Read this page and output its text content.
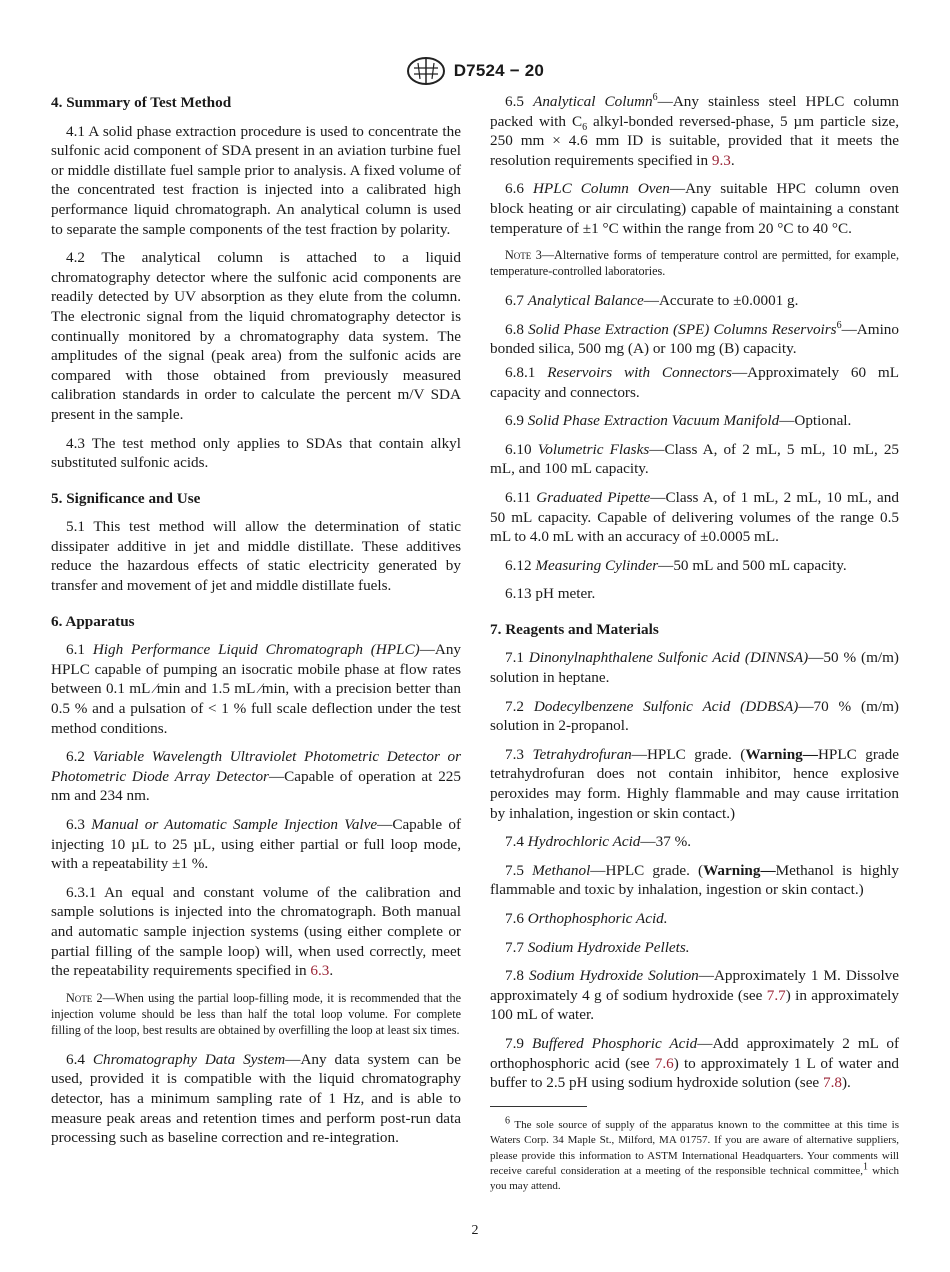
D7524 − 20
4. Summary of Test Method

4.1 A solid phase extraction procedure is used to concentrate the sulfonic acid component of SDA present in an aviation turbine fuel or middle distillate fuel sample prior to analysis. A fixed volume of the concentrated test fraction is injected into a calibrated high performance liquid chromatograph. An analytical column is used to separate the sample components of the test fraction by polarity.

4.2 The analytical column is attached to a liquid chromatography detector where the sulfonic acid components are readily detected by UV absorption as they elute from the column. The electronic signal from the liquid chromatography detector is continually monitored by a chromatography data system. The amplitudes of the signal (peak area) from the sulfonic acids are compared with those obtained from previously measured calibration standards in order to calculate the percent m/V SDA present in the sample.

4.3 The test method only applies to SDAs that contain alkyl substituted sulfonic acids.

5. Significance and Use

5.1 This test method will allow the determination of static dissipater additive in jet and middle distillate. These additives reduce the hazardous effects of static electricity generated by transfer and movement of jet and middle distillate fuels.

6. Apparatus

6.1 High Performance Liquid Chromatograph (HPLC)—Any HPLC capable of pumping an isocratic mobile phase at flow rates between 0.1 mL ⁄min and 1.5 mL ⁄min, with a precision better than 0.5 % and a pulsation of < 1 % full scale deflection under the test method conditions.

6.2 Variable Wavelength Ultraviolet Photometric Detector or Photometric Diode Array Detector—Capable of operation at 225 nm and 234 nm.

6.3 Manual or Automatic Sample Injection Valve—Capable of injecting 10 µL to 25 µL, using either partial or full loop mode, with a repeatability ±1 %.

6.3.1 An equal and constant volume of the calibration and sample solutions is injected into the chromatograph. Both manual and automatic sample injection systems (using either complete or partial filling of the sample loop) will, when used correctly, meet the repeatability requirements specified in 6.3.

Note 2—When using the partial loop-filling mode, it is recommended that the injection volume should be less than half the total loop volume. For complete filling of the loop, best results are obtained by overfilling the loop at least six times.

6.4 Chromatography Data System—Any data system can be used, provided it is compatible with the liquid chromatography detector, has a minimum sampling rate of 1 Hz, and is able to measure peak areas and retention times and perform post-run data processing such as baseline correction and re-integration.

6.5 Analytical Column$^6$—Any stainless steel HPLC column packed with $C_6$ alkyl-bonded reversed-phase, 5 µm particle size, 250 mm × 4.6 mm ID is suitable, provided that it meets the resolution requirements specified in 9.3.

6.6 HPLC Column Oven—Any suitable HPC column oven block heating or air circulating) capable of maintaining a constant temperature of ±1 °C within the range from 20 °C to 40 °C.

Note 3—Alternative forms of temperature control are permitted, for example, temperature-controlled laboratories.

6.7 Analytical Balance—Accurate to ±0.0001 g.

6.8 Solid Phase Extraction (SPE) Columns Reservoirs$^6$—Amino bonded silica, 500 mg (A) or 100 mg (B) capacity.

6.8.1 Reservoirs with Connectors—Approximately 60 mL capacity and connectors.

6.9 Solid Phase Extraction Vacuum Manifold—Optional.

6.10 Volumetric Flasks—Class A, of 2 mL, 5 mL, 10 mL, 25 mL, and 100 mL capacity.

6.11 Graduated Pipette—Class A, of 1 mL, 2 mL, 10 mL, and 50 mL capacity. Capable of delivering volumes of the range 0.5 mL to 4.0 mL with an accuracy of ±0.0005 mL.

6.12 Measuring Cylinder—50 mL and 500 mL capacity.

6.13 pH meter.

7. Reagents and Materials

7.1 Dinonylnaphthalene Sulfonic Acid (DINNSA)—50 % (m/m) solution in heptane.

7.2 Dodecylbenzene Sulfonic Acid (DDBSA)—70 % (m/m) solution in 2-propanol.

7.3 Tetrahydrofuran—HPLC grade. (Warning—HPLC grade tetrahydrofuran does not contain inhibitor, hence explosive peroxides may form. Highly flammable and may cause irritation by inhalation, ingestion or skin contact.)

7.4 Hydrochloric Acid—37 %.

7.5 Methanol—HPLC grade. (Warning—Methanol is highly flammable and toxic by inhalation, ingestion or skin contact.)

7.6 Orthophosphoric Acid.

7.7 Sodium Hydroxide Pellets.

7.8 Sodium Hydroxide Solution—Approximately 1 M. Dissolve approximately 4 g of sodium hydroxide (see 7.7) in approximately 100 mL of water.

7.9 Buffered Phosphoric Acid—Add approximately 2 mL of orthophosphoric acid (see 7.6) to approximately 1 L of water and buffer to 2.5 pH using sodium hydroxide solution (see 7.8).

$^6$ The sole source of supply of the apparatus known to the committee at this time is Waters Corp. 34 Maple St., Milford, MA 01757. If you are aware of alternative suppliers, please provide this information to ASTM International Headquarters. Your comments will receive careful consideration at a meeting of the responsible technical committee,$^1$ which you may attend.

2
